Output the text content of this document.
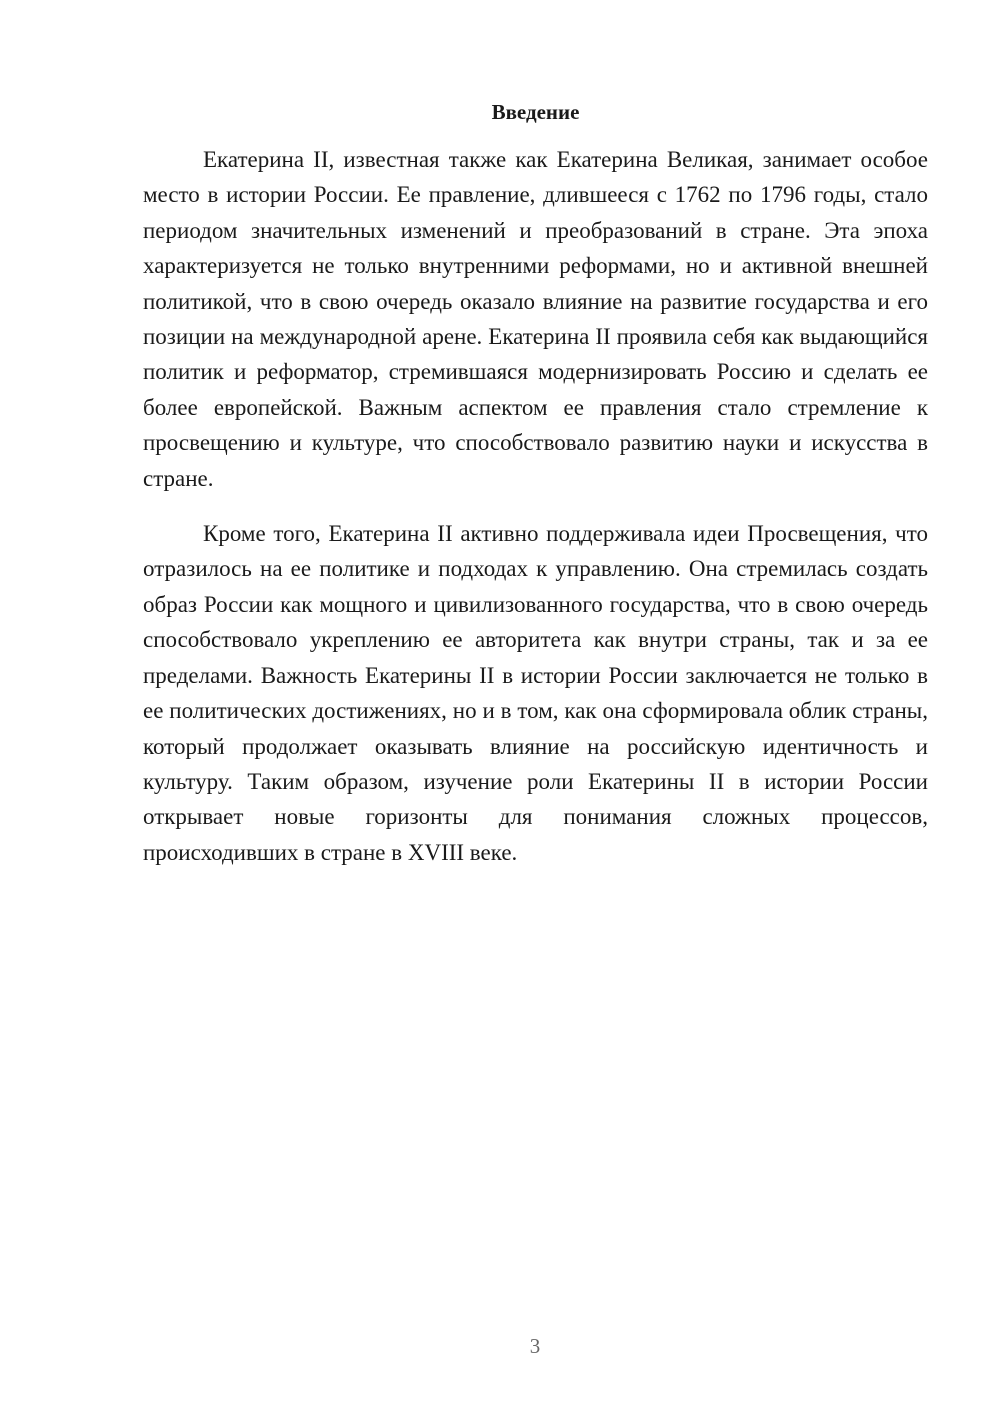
Введение

Екатерина II, известная также как Екатерина Великая, занимает особое место в истории России. Ее правление, длившееся с 1762 по 1796 годы, стало периодом значительных изменений и преобразований в стране. Эта эпоха характеризуется не только внутренними реформами, но и активной внешней политикой, что в свою очередь оказало влияние на развитие государства и его позиции на международной арене. Екатерина II проявила себя как выдающийся политик и реформатор, стремившаяся модернизировать Россию и сделать ее более европейской. Важным аспектом ее правления стало стремление к просвещению и культуре, что способствовало развитию науки и искусства в стране.

Кроме того, Екатерина II активно поддерживала идеи Просвещения, что отразилось на ее политике и подходах к управлению. Она стремилась создать образ России как мощного и цивилизованного государства, что в свою очередь способствовало укреплению ее авторитета как внутри страны, так и за ее пределами. Важность Екатерины II в истории России заключается не только в ее политических достижениях, но и в том, как она сформировала облик страны, который продолжает оказывать влияние на российскую идентичность и культуру. Таким образом, изучение роли Екатерины II в истории России открывает новые горизонты для понимания сложных процессов, происходивших в стране в XVIII веке.

3
